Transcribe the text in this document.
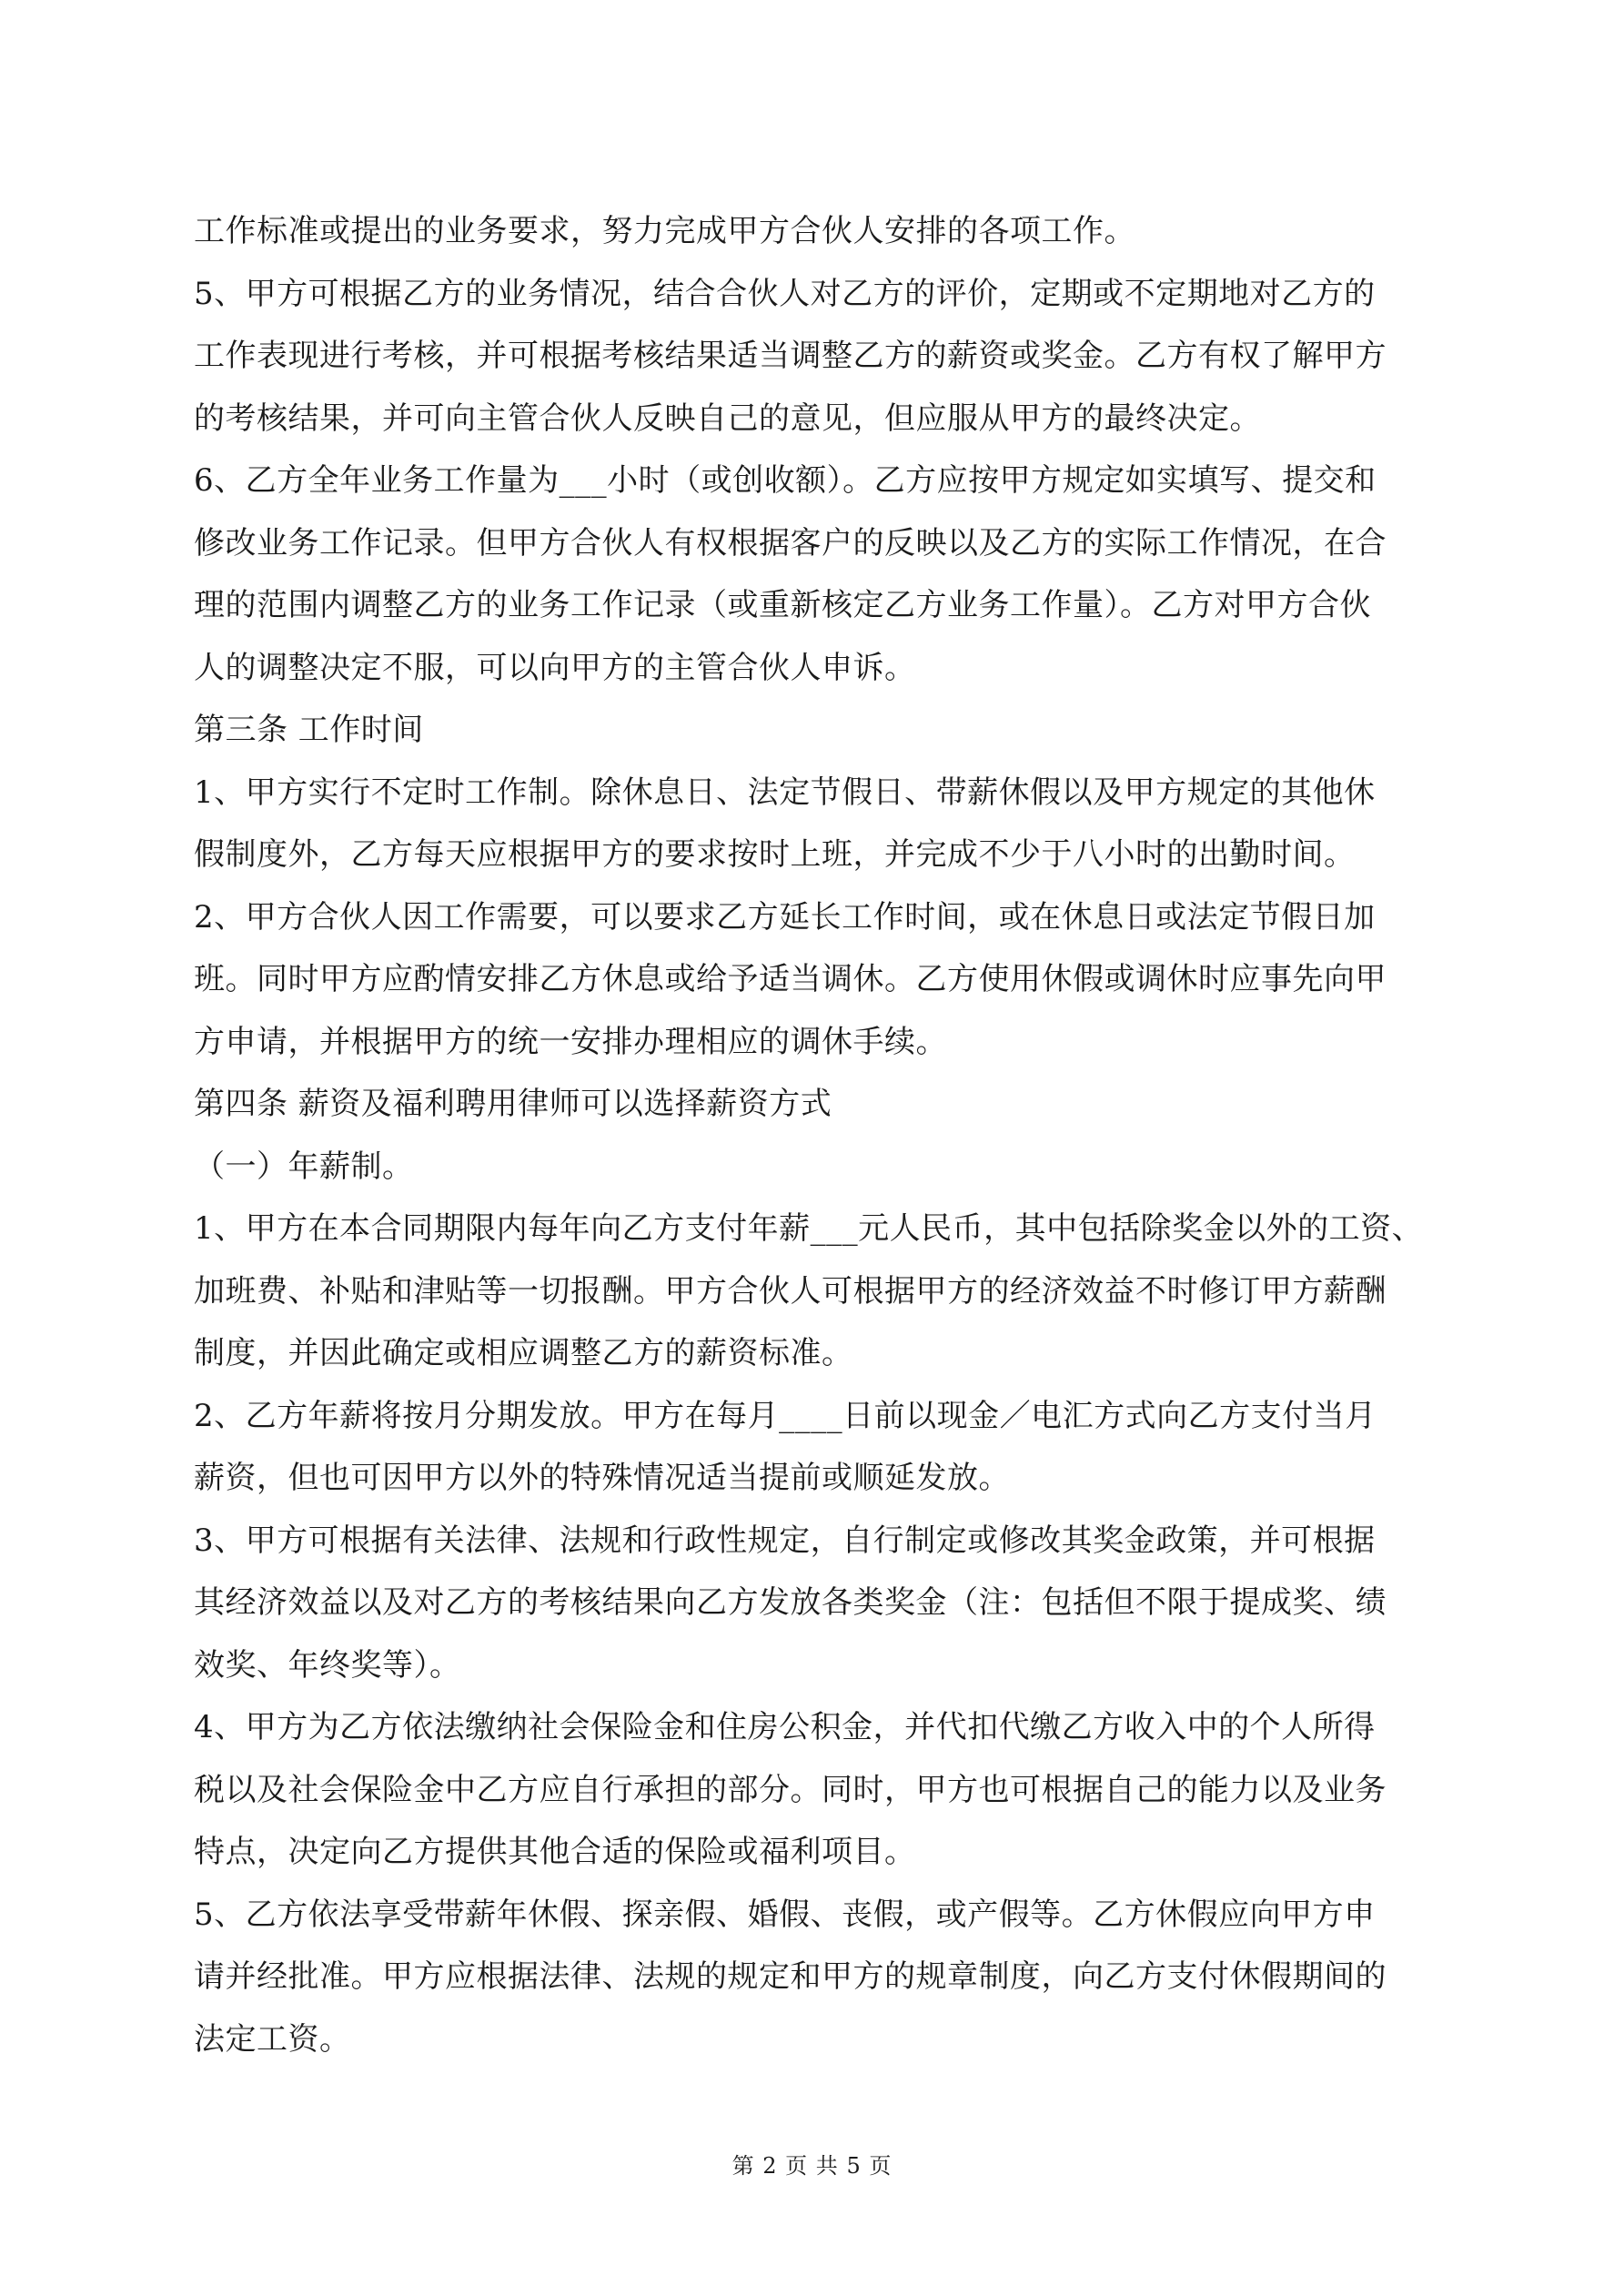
工作标准或提出的业务要求，努力完成甲方合伙人安排的各项工作。
5、甲方可根据乙方的业务情况，结合合伙人对乙方的评价，定期或不定期地对乙方的
工作表现进行考核，并可根据考核结果适当调整乙方的薪资或奖金。乙方有权了解甲方
的考核结果，并可向主管合伙人反映自己的意见，但应服从甲方的最终决定。
6、乙方全年业务工作量为___小时（或创收额）。乙方应按甲方规定如实填写、提交和
修改业务工作记录。但甲方合伙人有权根据客户的反映以及乙方的实际工作情况，在合
理的范围内调整乙方的业务工作记录（或重新核定乙方业务工作量）。乙方对甲方合伙
人的调整决定不服，可以向甲方的主管合伙人申诉。
第三条 工作时间
1、甲方实行不定时工作制。除休息日、法定节假日、带薪休假以及甲方规定的其他休
假制度外，乙方每天应根据甲方的要求按时上班，并完成不少于八小时的出勤时间。
2、甲方合伙人因工作需要，可以要求乙方延长工作时间，或在休息日或法定节假日加
班。同时甲方应酌情安排乙方休息或给予适当调休。乙方使用休假或调休时应事先向甲
方申请，并根据甲方的统一安排办理相应的调休手续。
第四条 薪资及福利聘用律师可以选择薪资方式
（一）年薪制。
1、甲方在本合同期限内每年向乙方支付年薪___元人民币，其中包括除奖金以外的工资、
加班费、补贴和津贴等一切报酬。甲方合伙人可根据甲方的经济效益不时修订甲方薪酬
制度，并因此确定或相应调整乙方的薪资标准。
2、乙方年薪将按月分期发放。甲方在每月____日前以现金／电汇方式向乙方支付当月
薪资，但也可因甲方以外的特殊情况适当提前或顺延发放。
3、甲方可根据有关法律、法规和行政性规定，自行制定或修改其奖金政策，并可根据
其经济效益以及对乙方的考核结果向乙方发放各类奖金（注：包括但不限于提成奖、绩
效奖、年终奖等）。
4、甲方为乙方依法缴纳社会保险金和住房公积金，并代扣代缴乙方收入中的个人所得
税以及社会保险金中乙方应自行承担的部分。同时，甲方也可根据自己的能力以及业务
特点，决定向乙方提供其他合适的保险或福利项目。
5、乙方依法享受带薪年休假、探亲假、婚假、丧假，或产假等。乙方休假应向甲方申
请并经批准。甲方应根据法律、法规的规定和甲方的规章制度，向乙方支付休假期间的
法定工资。
第 2 页 共 5 页
